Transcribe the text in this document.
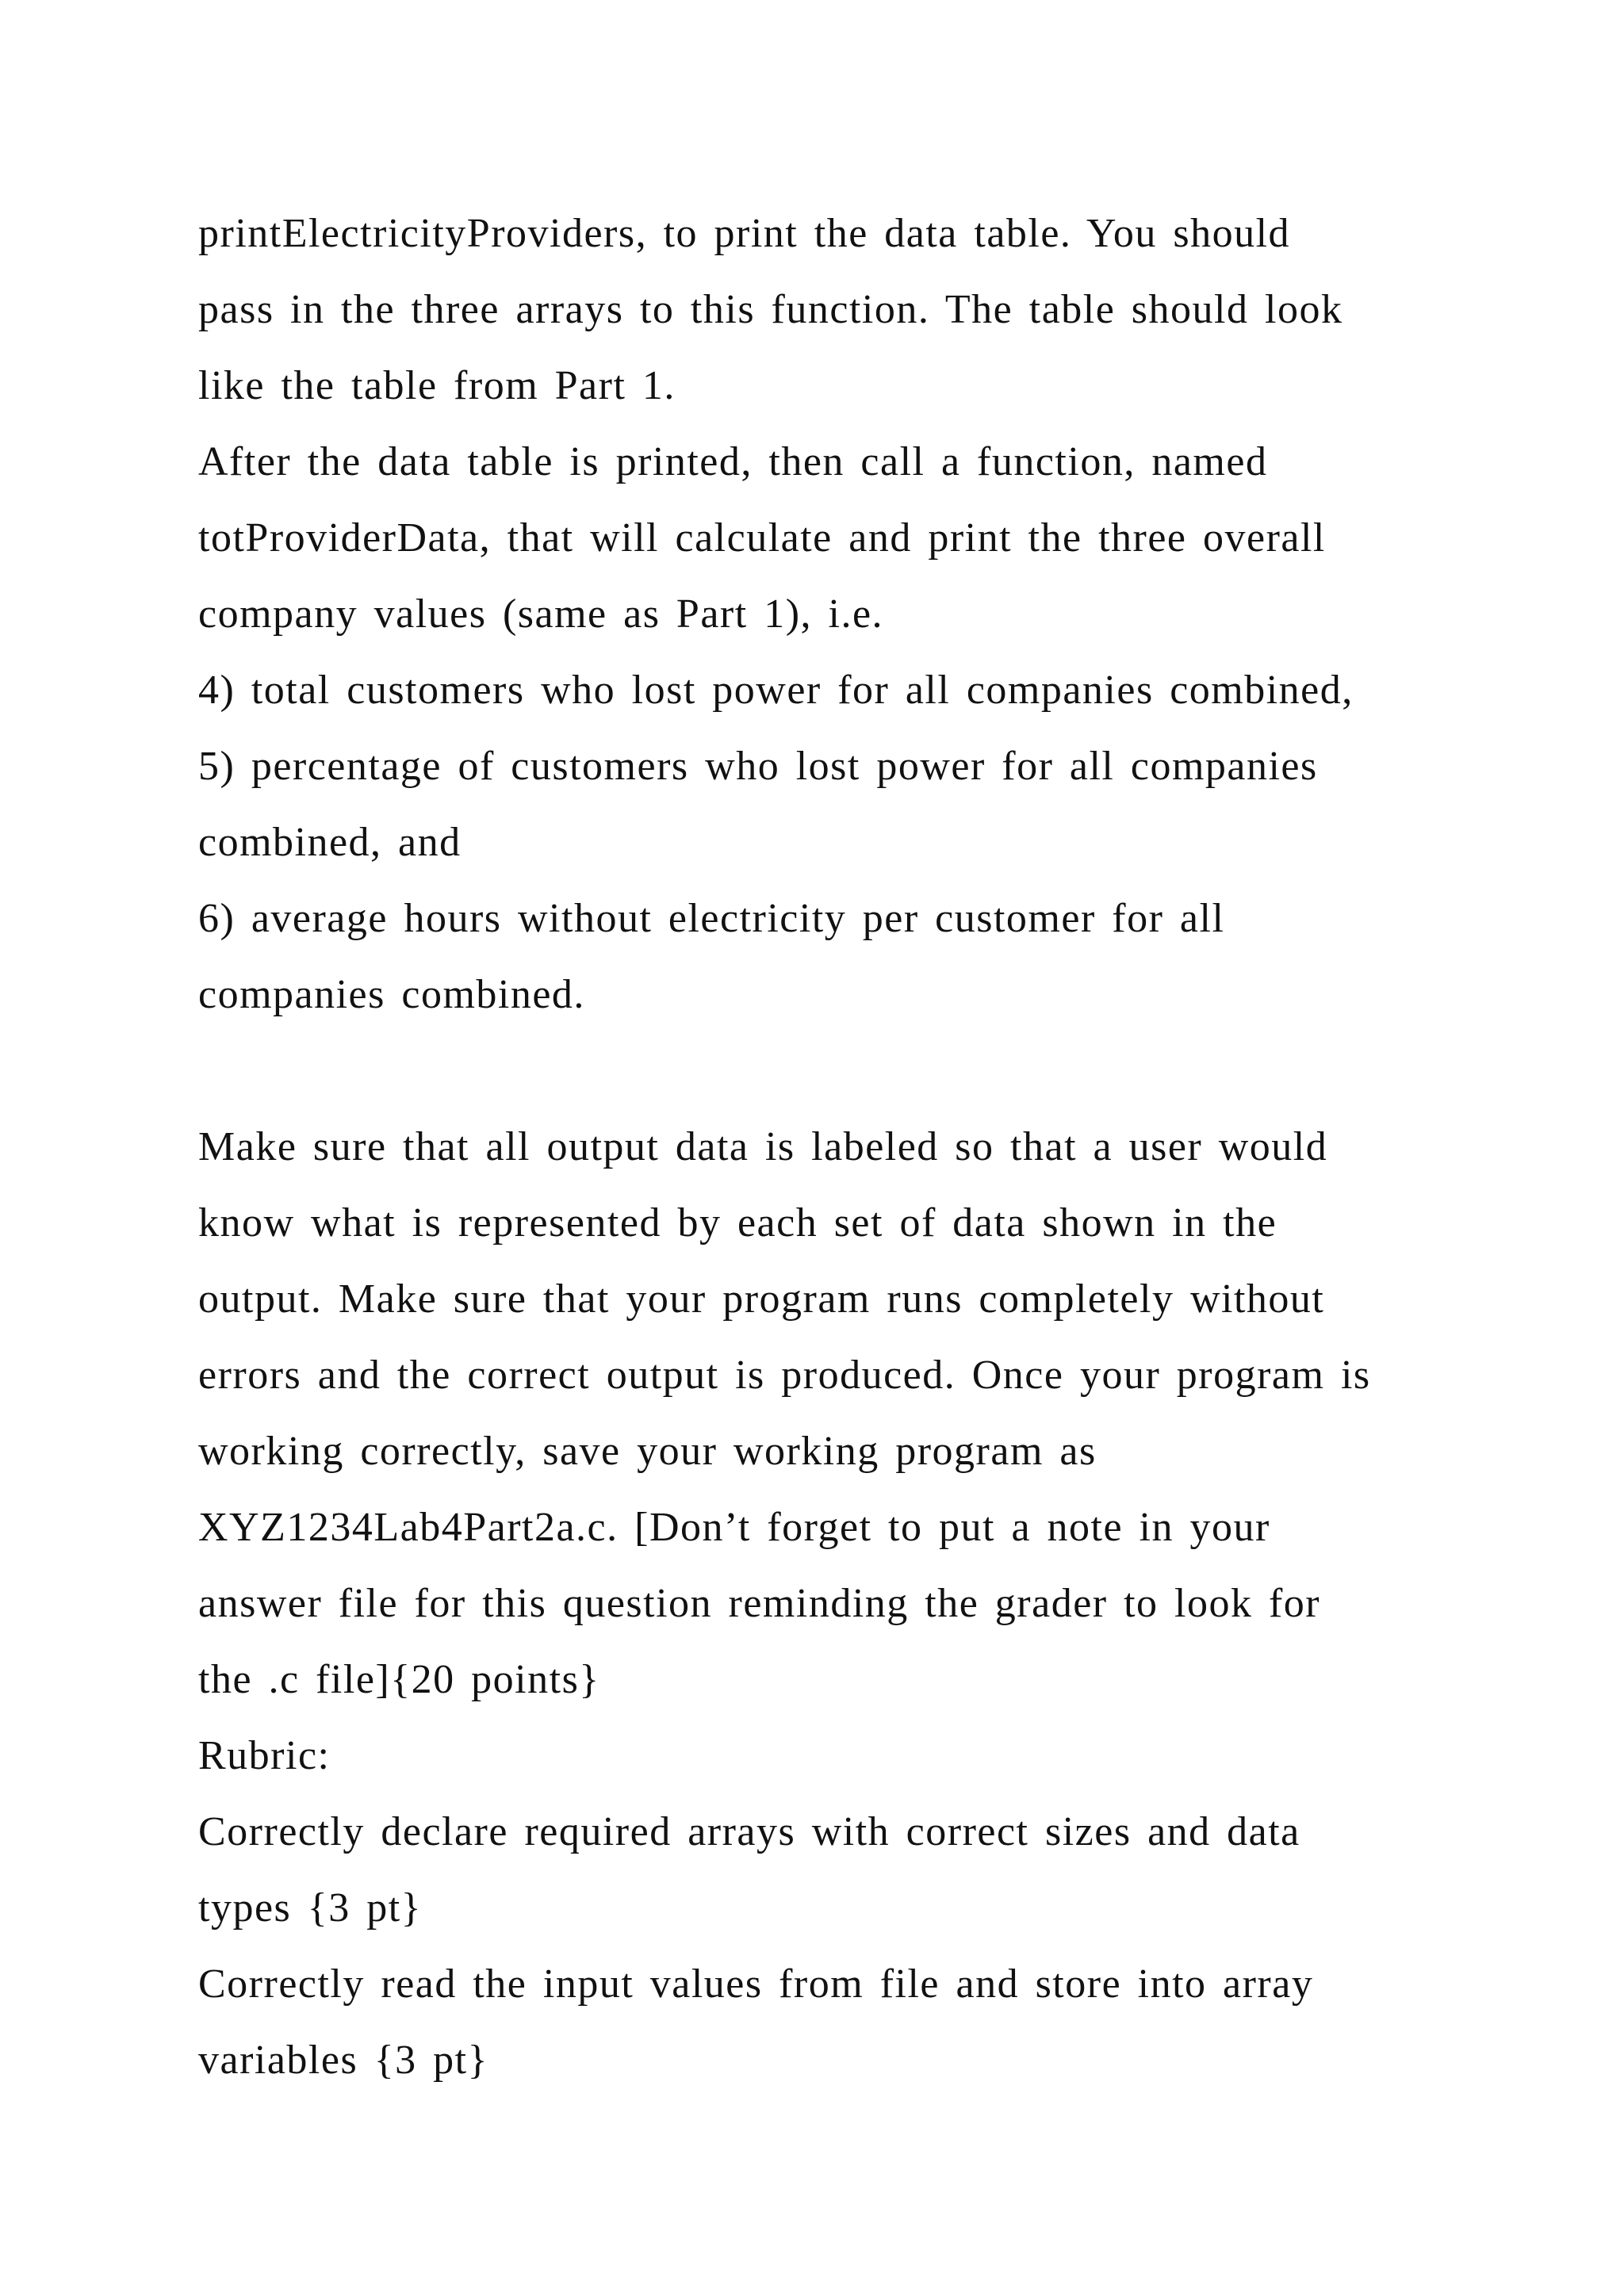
printElectricityProviders, to print the data table. You should
pass in the three arrays to this function. The table should look
like the table from Part 1.
After the data table is printed, then call a function, named
totProviderData, that will calculate and print the three overall
company values (same as Part 1), i.e.
4) total customers who lost power for all companies combined,
5) percentage of customers who lost power for all companies
combined, and
6) average hours without electricity per customer for all
companies combined.
Make sure that all output data is labeled so that a user would
know what is represented by each set of data shown in the
output. Make sure that your program runs completely without
errors and the correct output is produced. Once your program is
working correctly, save your working program as
XYZ1234Lab4Part2a.c. [Don’t forget to put a note in your
answer file for this question reminding the grader to look for
the .c file]{20 points}
Rubric:
Correctly declare required arrays with correct sizes and data
types {3 pt}
Correctly read the input values from file and store into array
variables {3 pt}
